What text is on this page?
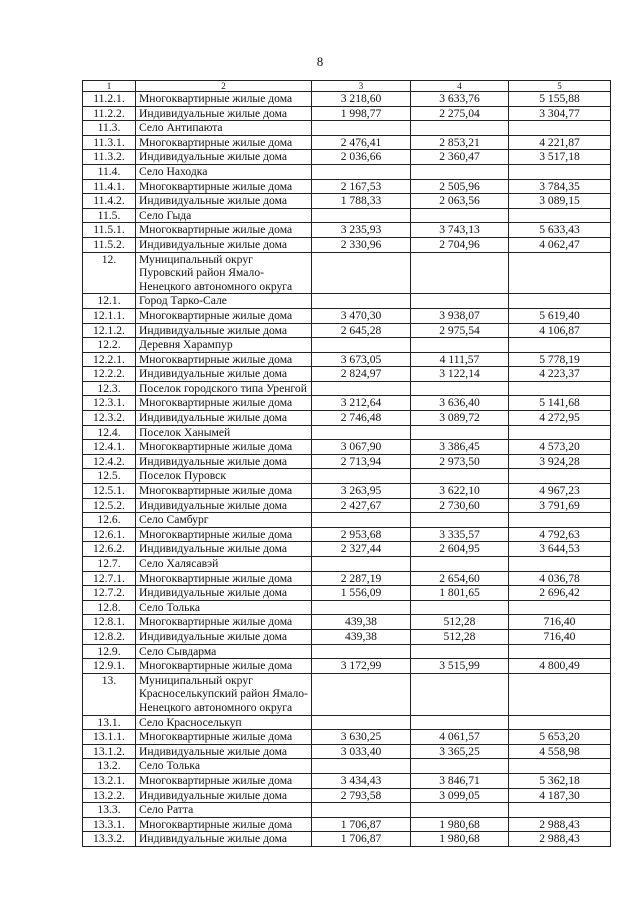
8
1	2	3	4	5
11.2.1.	Многоквартирные жилые дома	3 218,60	3 633,76	5 155,88
11.2.2.	Индивидуальные жилые дома	1 998,77	2 275,04	3 304,77
11.3.	Село Антипаюта			
11.3.1.	Многоквартирные жилые дома	2 476,41	2 853,21	4 221,87
11.3.2.	Индивидуальные жилые дома	2 036,66	2 360,47	3 517,18
11.4.	Село Находка			
11.4.1.	Многоквартирные жилые дома	2 167,53	2 505,96	3 784,35
11.4.2.	Индивидуальные жилые дома	1 788,33	2 063,56	3 089,15
11.5.	Село Гыда			
11.5.1.	Многоквартирные жилые дома	3 235,93	3 743,13	5 633,43
11.5.2.	Индивидуальные жилые дома	2 330,96	2 704,96	4 062,47
12.	Муниципальный округ Пуровский район Ямало-Ненецкого автономного округа			
12.1.	Город Тарко-Сале			
12.1.1.	Многоквартирные жилые дома	3 470,30	3 938,07	5 619,40
12.1.2.	Индивидуальные жилые дома	2 645,28	2 975,54	4 106,87
12.2.	Деревня Харампур			
12.2.1.	Многоквартирные жилые дома	3 673,05	4 111,57	5 778,19
12.2.2.	Индивидуальные жилые дома	2 824,97	3 122,14	4 223,37
12.3.	Поселок городского типа Уренгой			
12.3.1.	Многоквартирные жилые дома	3 212,64	3 636,40	5 141,68
12.3.2.	Индивидуальные жилые дома	2 746,48	3 089,72	4 272,95
12.4.	Поселок Ханымей			
12.4.1.	Многоквартирные жилые дома	3 067,90	3 386,45	4 573,20
12.4.2.	Индивидуальные жилые дома	2 713,94	2 973,50	3 924,28
12.5.	Поселок Пуровск			
12.5.1.	Многоквартирные жилые дома	3 263,95	3 622,10	4 967,23
12.5.2.	Индивидуальные жилые дома	2 427,67	2 730,60	3 791,69
12.6.	Село Самбург			
12.6.1.	Многоквартирные жилые дома	2 953,68	3 335,57	4 792,63
12.6.2.	Индивидуальные жилые дома	2 327,44	2 604,95	3 644,53
12.7.	Село Халясавэй			
12.7.1.	Многоквартирные жилые дома	2 287,19	2 654,60	4 036,78
12.7.2.	Индивидуальные жилые дома	1 556,09	1 801,65	2 696,42
12.8.	Село Толька			
12.8.1.	Многоквартирные жилые дома	439,38	512,28	716,40
12.8.2.	Индивидуальные жилые дома	439,38	512,28	716,40
12.9.	Село Сывдарма			
12.9.1.	Многоквартирные жилые дома	3 172,99	3 515,99	4 800,49
13.	Муниципальный округ Красноселькупский район Ямало-Ненецкого автономного округа			
13.1.	Село Красноселькуп			
13.1.1.	Многоквартирные жилые дома	3 630,25	4 061,57	5 653,20
13.1.2.	Индивидуальные жилые дома	3 033,40	3 365,25	4 558,98
13.2.	Село Толька			
13.2.1.	Многоквартирные жилые дома	3 434,43	3 846,71	5 362,18
13.2.2.	Индивидуальные жилые дома	2 793,58	3 099,05	4 187,30
13.3.	Село Ратта			
13.3.1.	Многоквартирные жилые дома	1 706,87	1 980,68	2 988,43
13.3.2.	Индивидуальные жилые дома	1 706,87	1 980,68	2 988,43
